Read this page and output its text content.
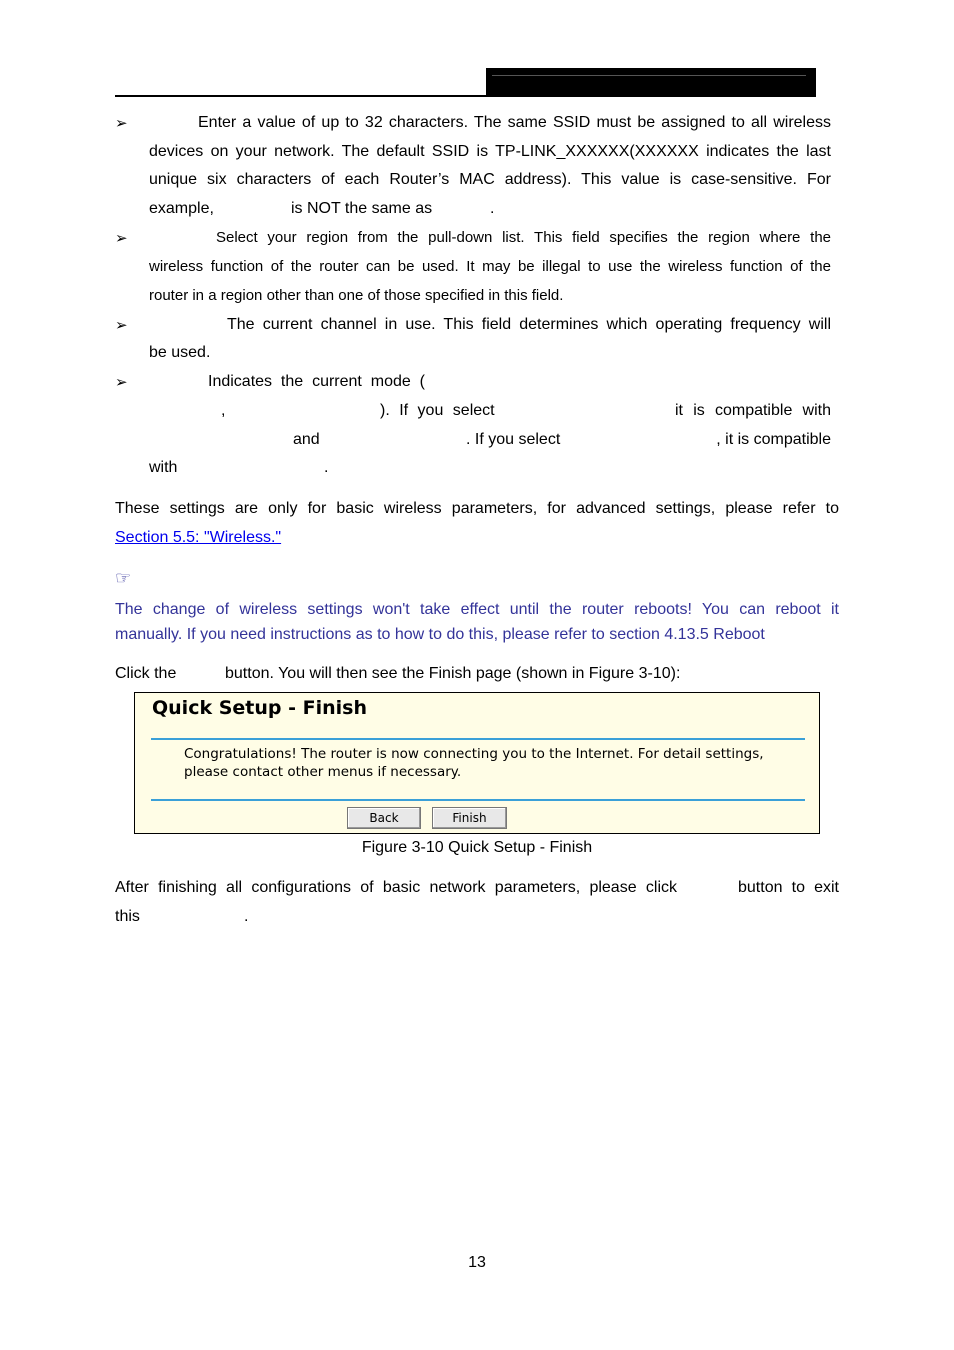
➢	Enter a value of up to 32 characters. The same SSID must be assigned to all wireless
devices on your network. The default SSID is TP-LINK_XXXXXX(XXXXXX indicates the last
unique six characters of each Router’s MAC address). This value is case-sensitive. For
example,	is NOT the same as	.
➢	Select your region from the pull-down list. This field specifies the region where the
wireless function of the router can be used. It may be illegal to use the wireless function of the
router in a region other than one of those specified in this field.
➢	The current channel in use. This field determines which operating frequency will
be used.
➢	Indicates  the  current  mode  (
,	). If you select	it is compatible with
and	. If you select	, it is compatible
with	.
These settings are only for basic wireless parameters, for advanced settings, please refer to
Section 5.5: "Wireless."
☞
The change of wireless settings won't take effect until the router reboots! You can reboot it
manually. If you need instructions as to how to do this, please refer to section 4.13.5 Reboot
Click the	button. You will then see the Finish page (shown in Figure 3-10):
Quick Setup - Finish
Congratulations! The router is now connecting you to the Internet. For detail settings, please contact other menus if necessary.
Back	Finish
Figure 3-10 Quick Setup - Finish
After finishing all configurations of basic network parameters, please click	button to exit
this	.
13
